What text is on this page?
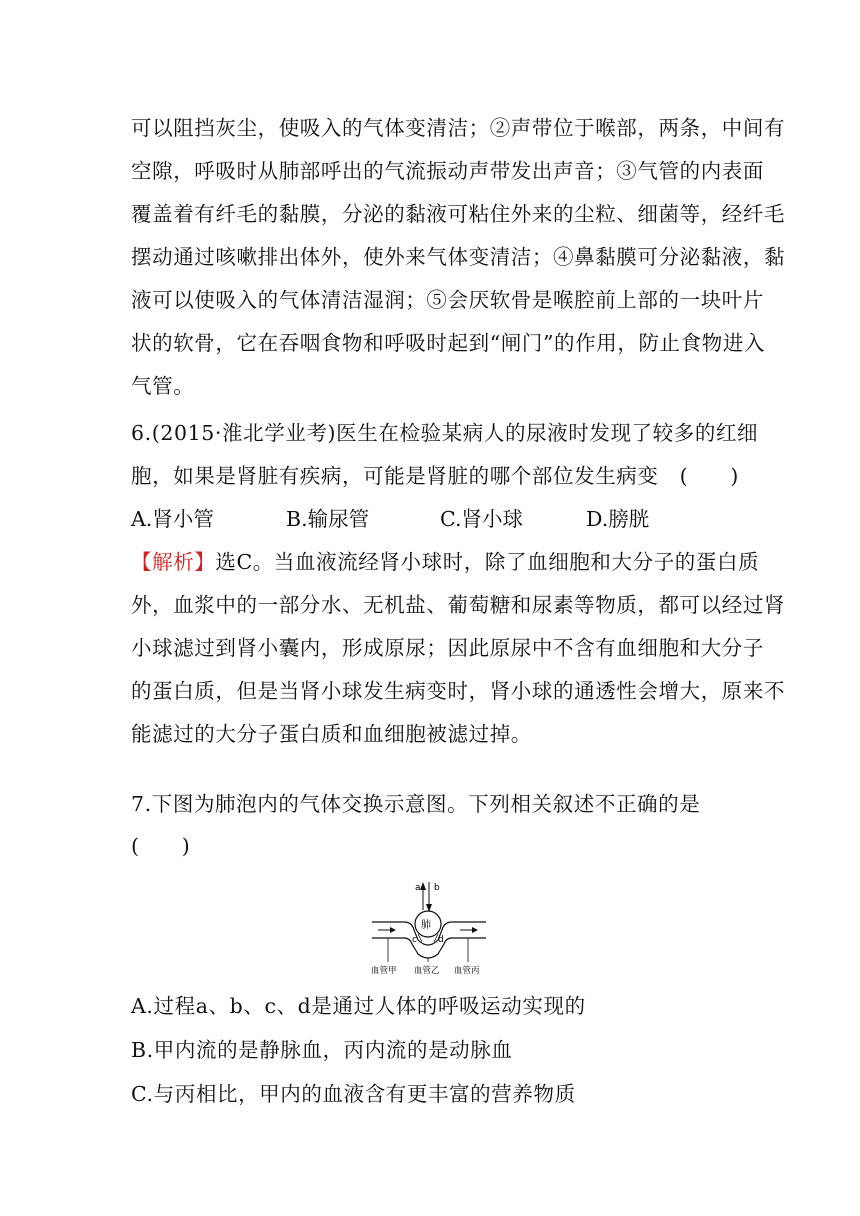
可以阻挡灰尘，使吸入的气体变清洁；②声带位于喉部，两条，中间有
空隙，呼吸时从肺部呼出的气流振动声带发出声音；③气管的内表面
覆盖着有纤毛的黏膜，分泌的黏液可粘住外来的尘粒、细菌等，经纤毛
摆动通过咳嗽排出体外，使外来气体变清洁；④鼻黏膜可分泌黏液，黏
液可以使吸入的气体清洁湿润；⑤会厌软骨是喉腔前上部的一块叶片
状的软骨，它在吞咽食物和呼吸时起到“闸门”的作用，防止食物进入
气管。
6.(2015·淮北学业考)医生在检验某病人的尿液时发现了较多的红细
胞，如果是肾脏有疾病，可能是肾脏的哪个部位发生病变　(　　)
A.肾小管	B.输尿管	C.肾小球	D.膀胱
【解析】选C。当血液流经肾小球时，除了血细胞和大分子的蛋白质
外，血浆中的一部分水、无机盐、葡萄糖和尿素等物质，都可以经过肾
小球滤过到肾小囊内，形成原尿；因此原尿中不含有血细胞和大分子
的蛋白质，但是当肾小球发生病变时，肾小球的通透性会增大，原来不
能滤过的大分子蛋白质和血细胞被滤过掉。
7.下图为肺泡内的气体交换示意图。下列相关叙述不正确的是
(　　)
a b
肺
c d
血管甲 血管乙 血管丙
A.过程a、b、c、d是通过人体的呼吸运动实现的
B.甲内流的是静脉血，丙内流的是动脉血
C.与丙相比，甲内的血液含有更丰富的营养物质
